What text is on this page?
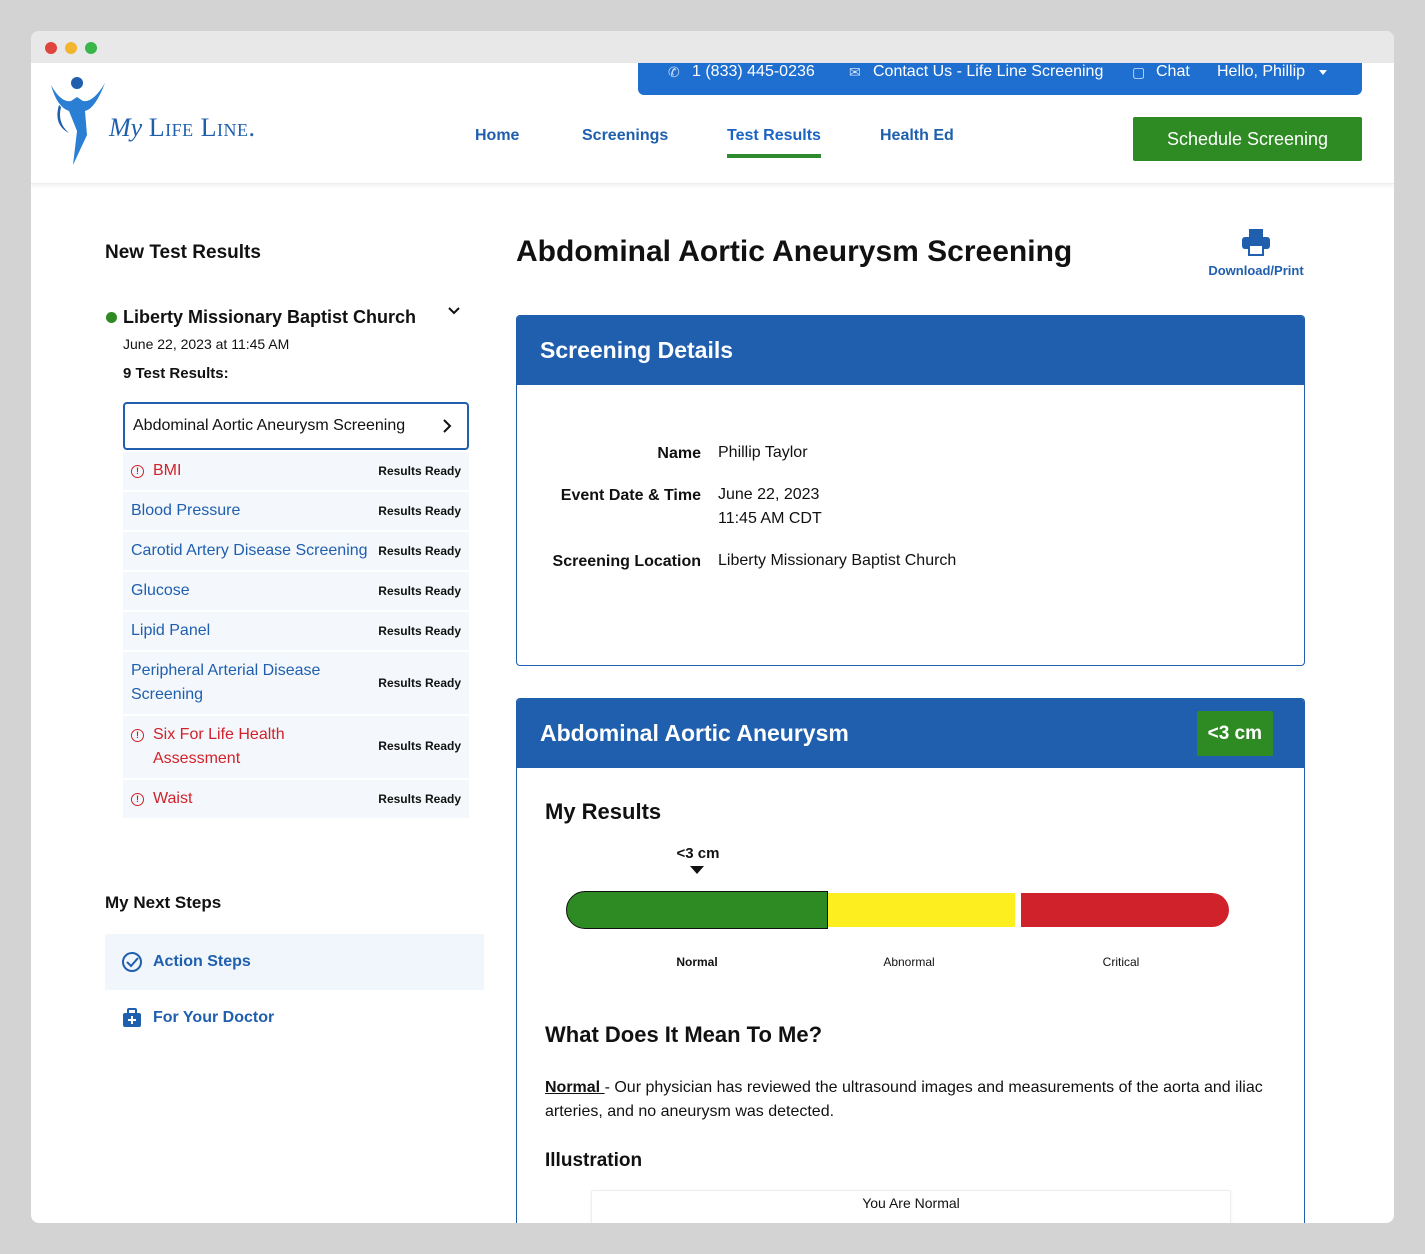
My Life Line.
✆ 1 (833) 445-0236 ✉ Contact Us - Life Line Screening ▢ Chat Hello, Phillip
Home	Screenings	Test Results	Health Ed	Schedule Screening
New Test Results
Liberty Missionary Baptist Church
June 22, 2023 at 11:45 AM
9 Test Results:
Abdominal Aortic Aneurysm Screening
! BMI	Results Ready
Blood Pressure	Results Ready
Carotid Artery Disease Screening Results Ready
Glucose	Results Ready
Lipid Panel	Results Ready
Peripheral Arterial Disease Screening
Results Ready
! Six For Life Health Assessment
Results Ready
! Waist	Results Ready
My Next Steps
Action Steps
For Your Doctor
Abdominal Aortic Aneurysm Screening
Download/Print
Screening Details
Name Phillip Taylor
Event Date & Time June 22, 2023
11:45 AM CDT
Screening Location Liberty Missionary Baptist Church
Abdominal Aortic Aneurysm	<3 cm
My Results
<3 cm
Normal	Abnormal	Critical
What Does It Mean To Me?
Normal - Our physician has reviewed the ultrasound images and measurements of the aorta and iliac arteries, and no aneurysm was detected.
Illustration
You Are Normal
